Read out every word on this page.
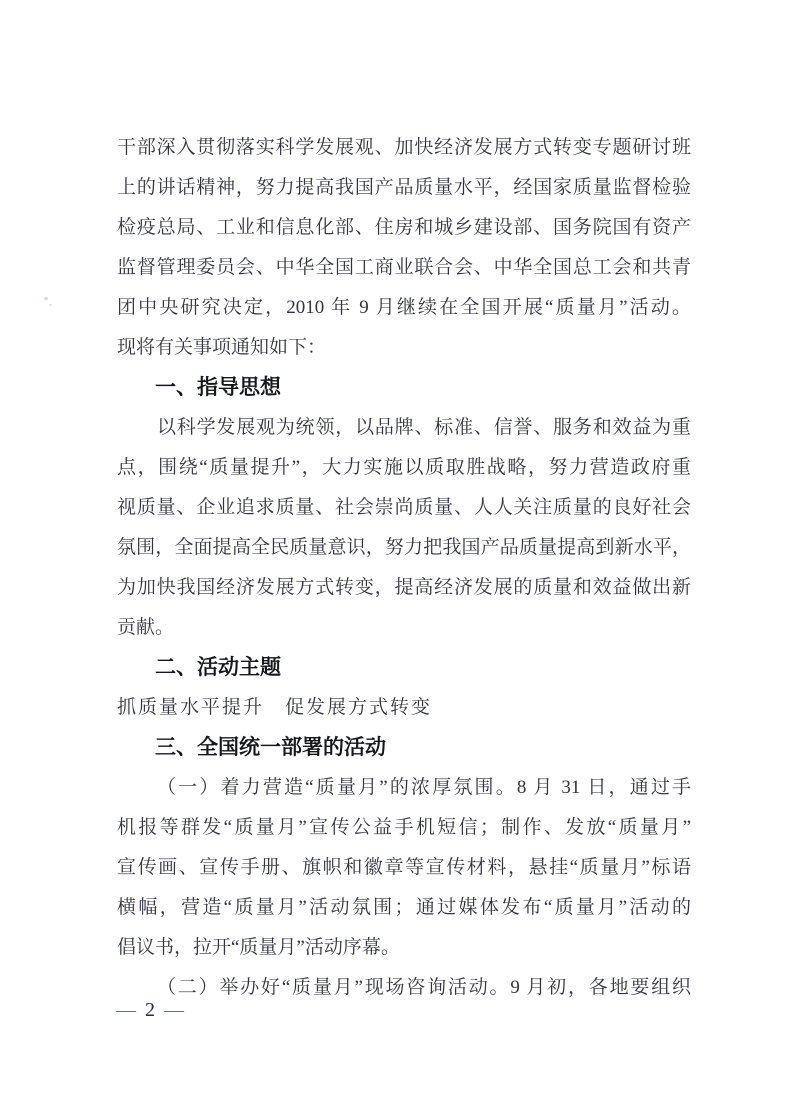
干部深入贯彻落实科学发展观、加快经济发展方式转变专题研讨班
上的讲话精神，努力提高我国产品质量水平，经国家质量监督检验
检疫总局、工业和信息化部、住房和城乡建设部、国务院国有资产
监督管理委员会、中华全国工商业联合会、中华全国总工会和共青
团中央研究决定，2010 年 9 月继续在全国开展“质量月”活动。
现将有关事项通知如下：
一、指导思想
以科学发展观为统领，以品牌、标准、信誉、服务和效益为重
点，围绕“质量提升”，大力实施以质取胜战略，努力营造政府重
视质量、企业追求质量、社会崇尚质量、人人关注质量的良好社会
氛围，全面提高全民质量意识，努力把我国产品质量提高到新水平，
为加快我国经济发展方式转变，提高经济发展的质量和效益做出新
贡献。
二、活动主题
抓质量水平提升　促发展方式转变
三、全国统一部署的活动
（一）着力营造“质量月”的浓厚氛围。8 月 31 日，通过手
机报等群发“质量月”宣传公益手机短信；制作、发放“质量月”
宣传画、宣传手册、旗帜和徽章等宣传材料，悬挂“质量月”标语
横幅，营造“质量月”活动氛围；通过媒体发布“质量月”活动的
倡议书，拉开“质量月”活动序幕。
（二）举办好“质量月”现场咨询活动。9 月初，各地要组织
— 2 —
